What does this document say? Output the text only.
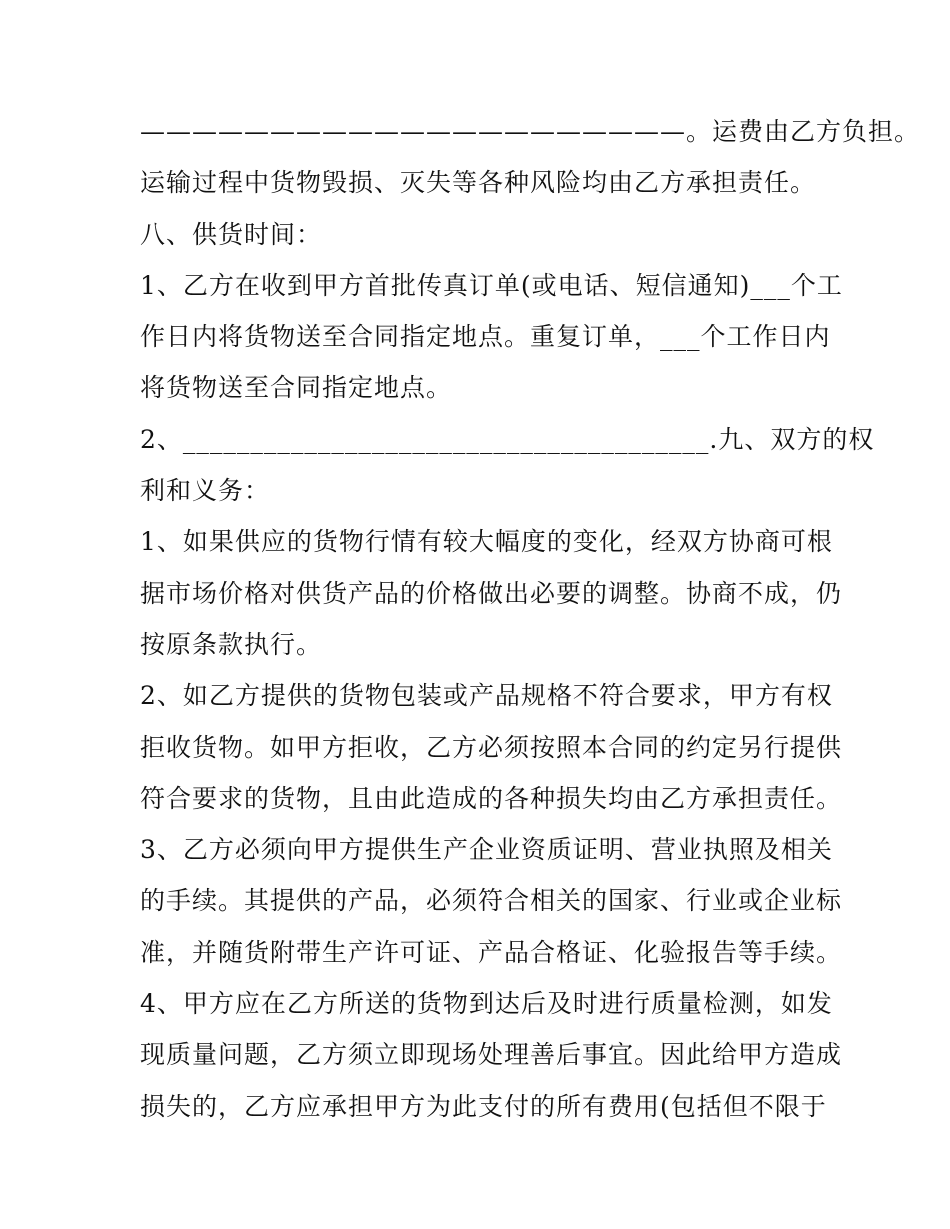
—————————————————————。运费由乙方负担。
运输过程中货物毁损、灭失等各种风险均由乙方承担责任。
八、供货时间：
1、乙方在收到甲方首批传真订单(或电话、短信通知)___个工
作日内将货物送至合同指定地点。重复订单，___个工作日内
将货物送至合同指定地点。
2、_______________________________________.九、双方的权
利和义务：
1、如果供应的货物行情有较大幅度的变化，经双方协商可根
据市场价格对供货产品的价格做出必要的调整。协商不成，仍
按原条款执行。
2、如乙方提供的货物包装或产品规格不符合要求，甲方有权
拒收货物。如甲方拒收，乙方必须按照本合同的约定另行提供
符合要求的货物，且由此造成的各种损失均由乙方承担责任。
3、乙方必须向甲方提供生产企业资质证明、营业执照及相关
的手续。其提供的产品，必须符合相关的国家、行业或企业标
准，并随货附带生产许可证、产品合格证、化验报告等手续。
4、甲方应在乙方所送的货物到达后及时进行质量检测，如发
现质量问题，乙方须立即现场处理善后事宜。因此给甲方造成
损失的，乙方应承担甲方为此支付的所有费用(包括但不限于
